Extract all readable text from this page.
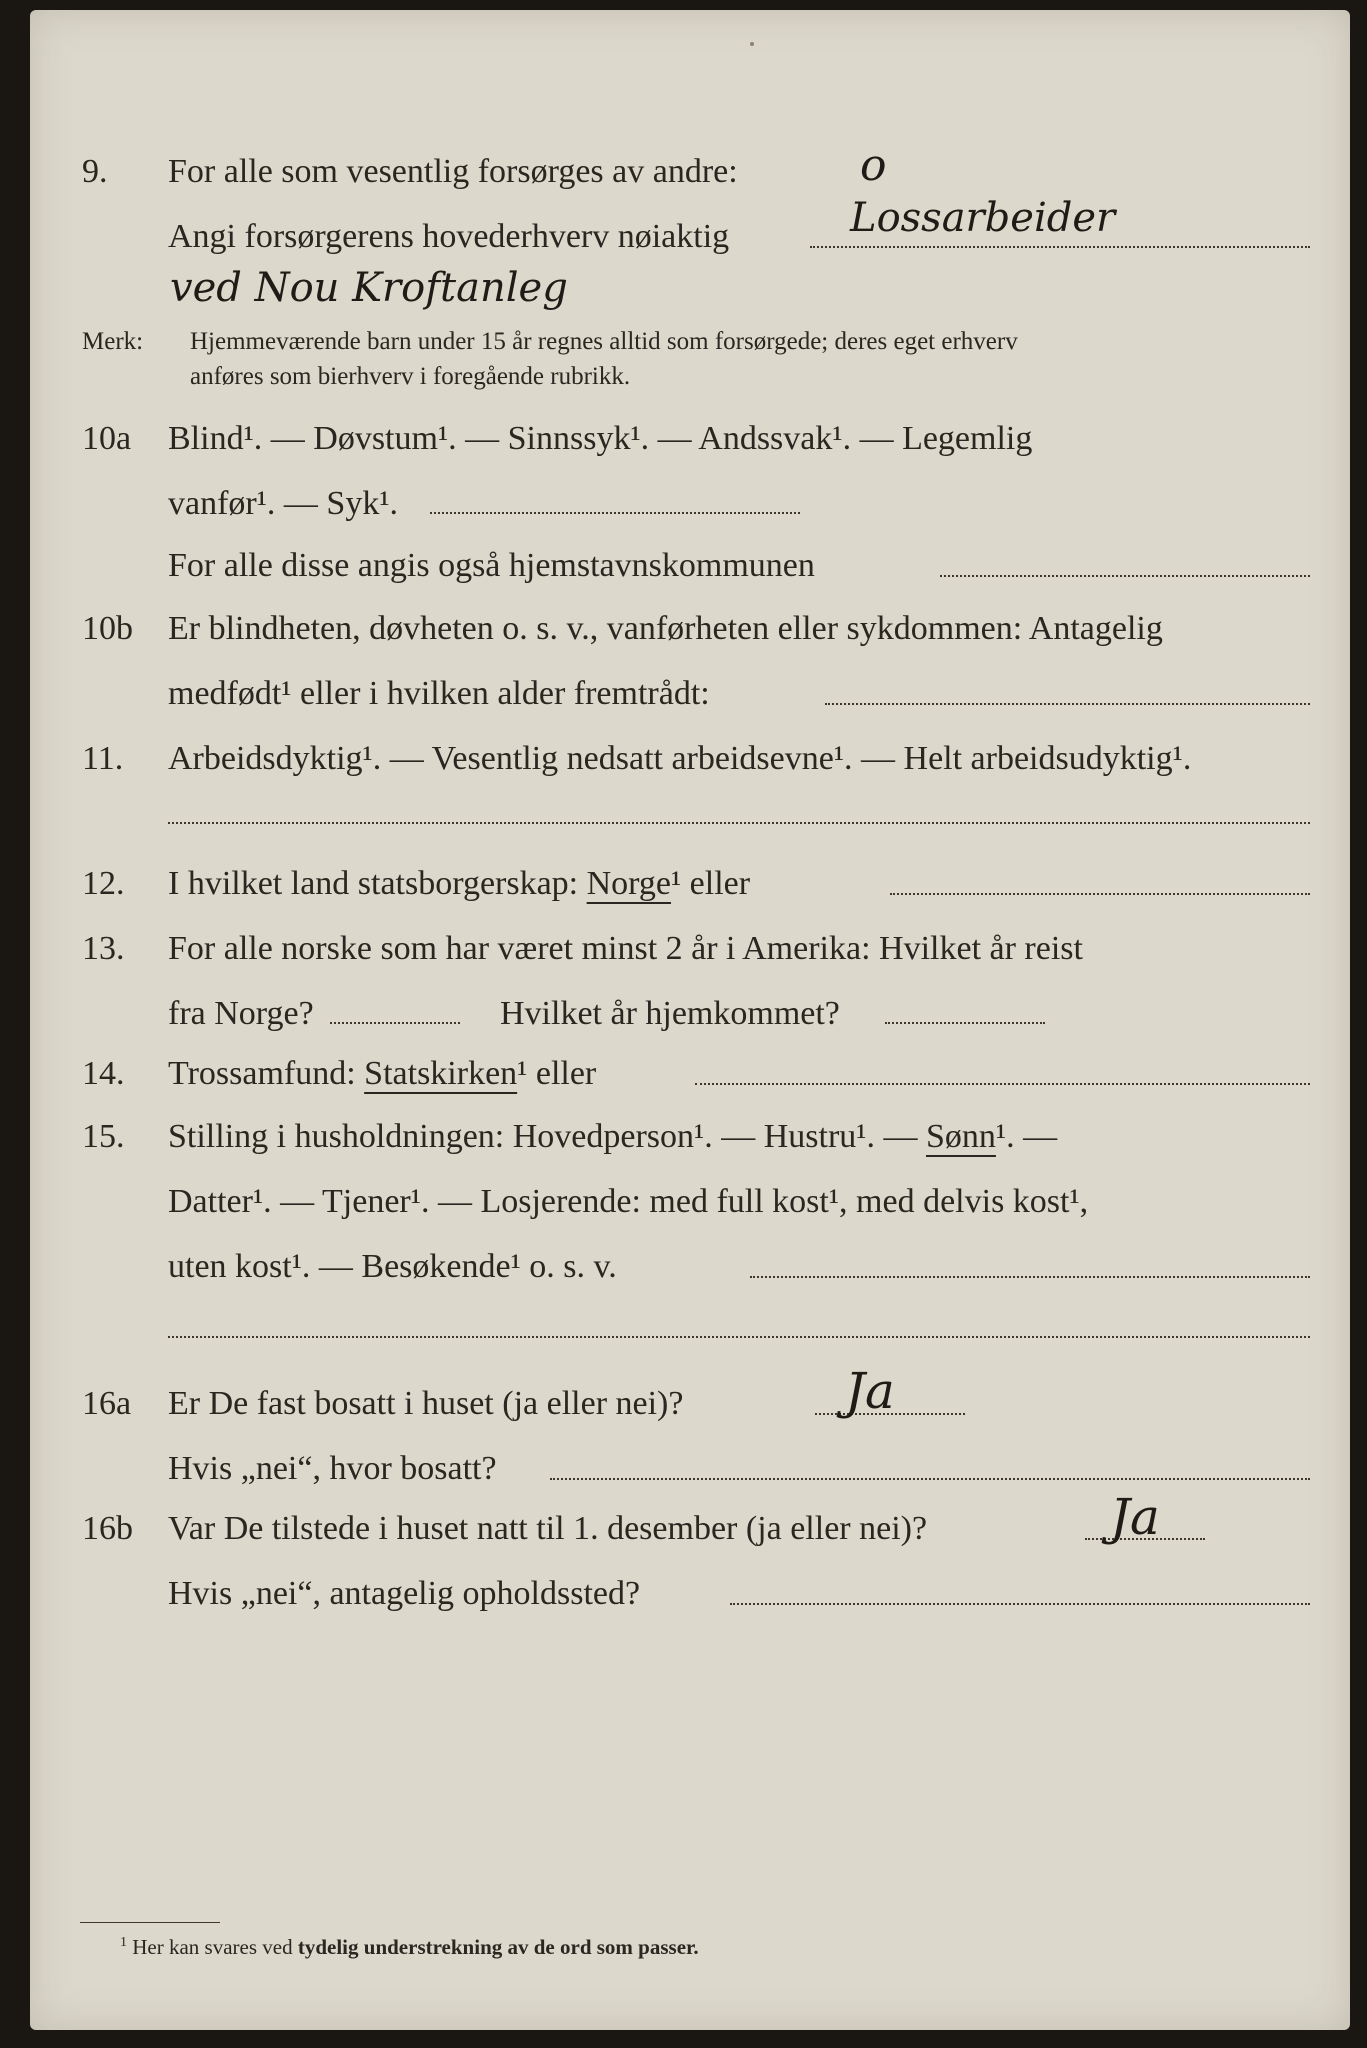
9. For alle som vesentlig forsørges av andre:	o
Angi forsørgerens hovederhverv nøiaktig	Lossarbeider
ved Nou Kroftanleg
Merk: Hjemmeværende barn under 15 år regnes alltid som forsørgede; deres eget erhverv
anføres som bierhverv i foregående rubrikk.
10a Blind¹. — Døvstum¹. — Sinnssyk¹. — Andssvak¹. — Legemlig
vanfør¹. — Syk¹.
For alle disse angis også hjemstavnskommunen
10b Er blindheten, døvheten o. s. v., vanførheten eller sykdommen: Antagelig
medfødt¹ eller i hvilken alder fremtrådt:
11. Arbeidsdyktig¹. — Vesentlig nedsatt arbeidsevne¹. — Helt arbeidsudyktig¹.
12. I hvilket land statsborgerskap: Norge¹ eller
13. For alle norske som har været minst 2 år i Amerika: Hvilket år reist
fra Norge?	Hvilket år hjemkommet?
14. Trossamfund: Statskirken¹ eller
15. Stilling i husholdningen: Hovedperson¹. — Hustru¹. — Sønn¹. —
Datter¹. — Tjener¹. — Losjerende: med full kost¹, med delvis kost¹,
uten kost¹. — Besøkende¹ o. s. v.
16a Er De fast bosatt i huset (ja eller nei)?	Ja
Hvis „nei“, hvor bosatt?
16b Var De tilstede i huset natt til 1. desember (ja eller nei)?	Ja
Hvis „nei“, antagelig opholdssted?
$^1$ Her kan svares ved tydelig understrekning av de ord som passer.
